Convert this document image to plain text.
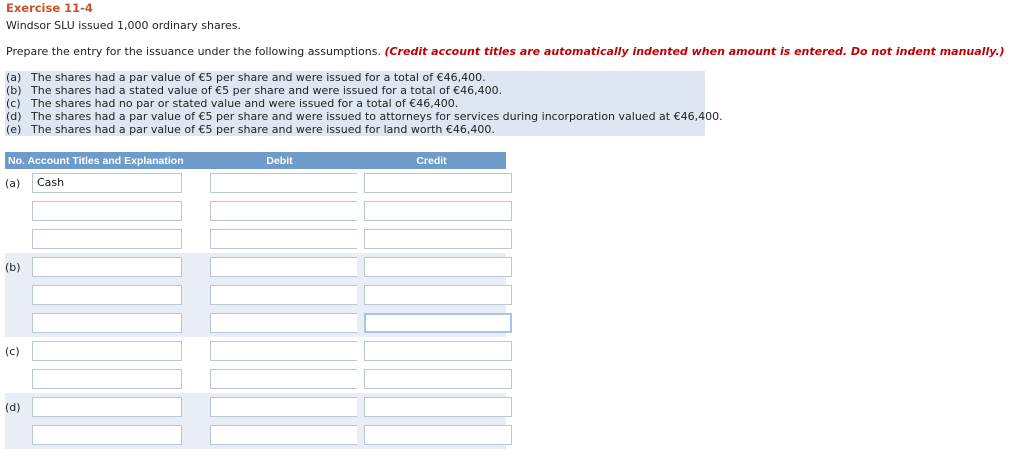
Exercise 11-4
Windsor SLU issued 1,000 ordinary shares.
Prepare the entry for the issuance under the following assumptions. (Credit account titles are automatically indented when amount is entered. Do not indent manually.)
(a) The shares had a par value of €5 per share and were issued for a total of €46,400.
(b) The shares had a stated value of €5 per share and were issued for a total of €46,400.
(c) The shares had no par or stated value and were issued for a total of €46,400.
(d) The shares had a par value of €5 per share and were issued to attorneys for services during incorporation valued at €46,400.
(e) The shares had a par value of €5 per share and were issued for land worth €46,400.
No. Account Titles and Explanation		Debit	Credit
(a)	Cash		

(b)	

(c)	

(d)	
